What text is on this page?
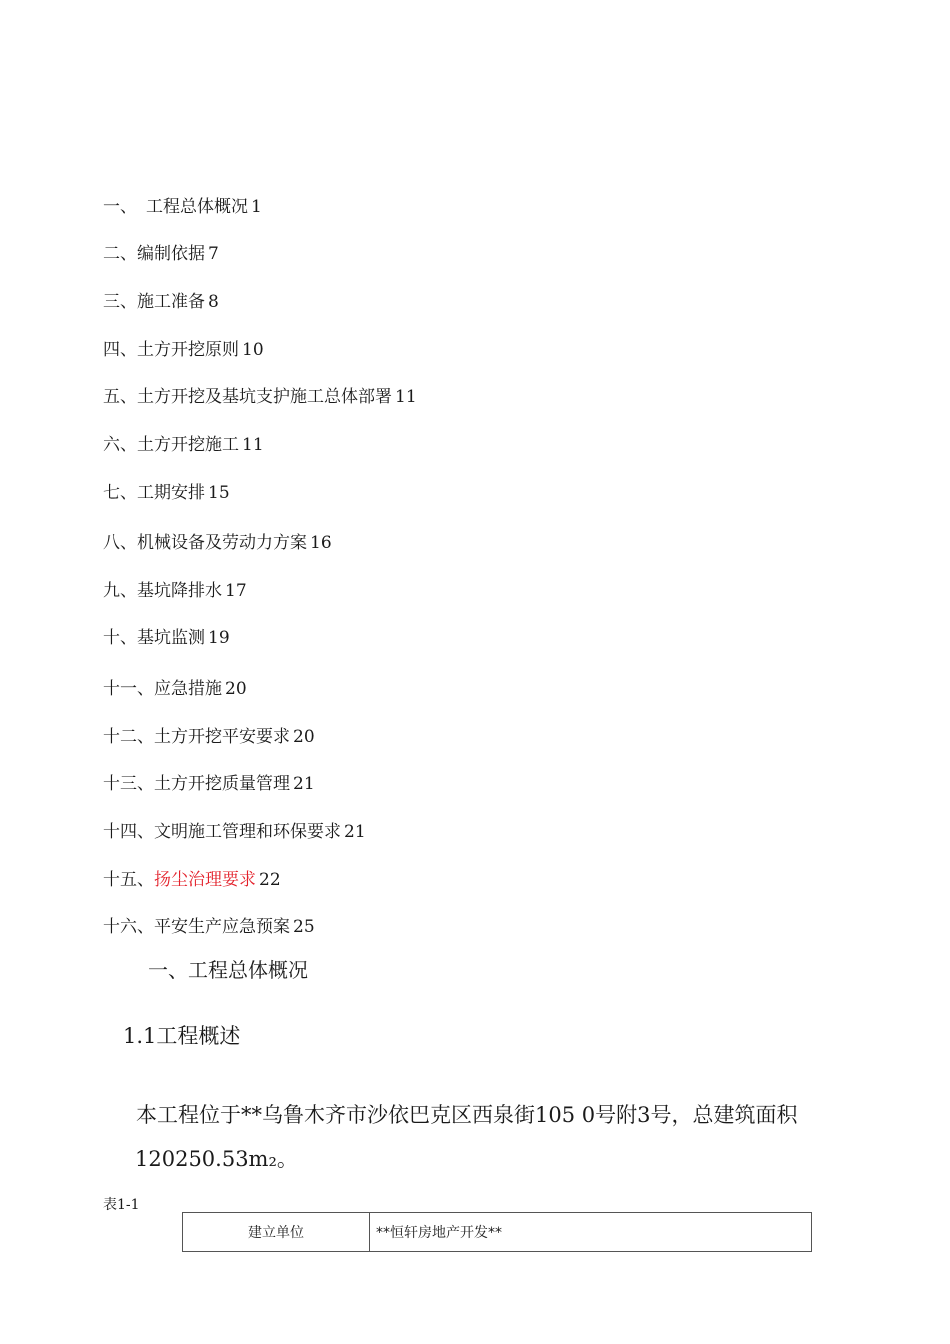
一、 工程总体概况 1
二、编制依据 7
三、施工准备 8
四、土方开挖原则 10
五、土方开挖及基坑支护施工总体部署 11
六、土方开挖施工 11
七、工期安排 15
八、机械设备及劳动力方案 16
九、基坑降排水 17
十、基坑监测 19
十一、应急措施 20
十二、土方开挖平安要求 20
十三、土方开挖质量管理 21
十四、文明施工管理和环保要求 21
十五、扬尘治理要求 22
十六、平安生产应急预案 25
一、工程总体概况
1.1工程概述
本工程位于**乌鲁木齐市沙依巴克区西泉街105 0号附3号，总建筑面积
120250.53m₂。
表1-1
建立单位	**恒轩房地产开发**
